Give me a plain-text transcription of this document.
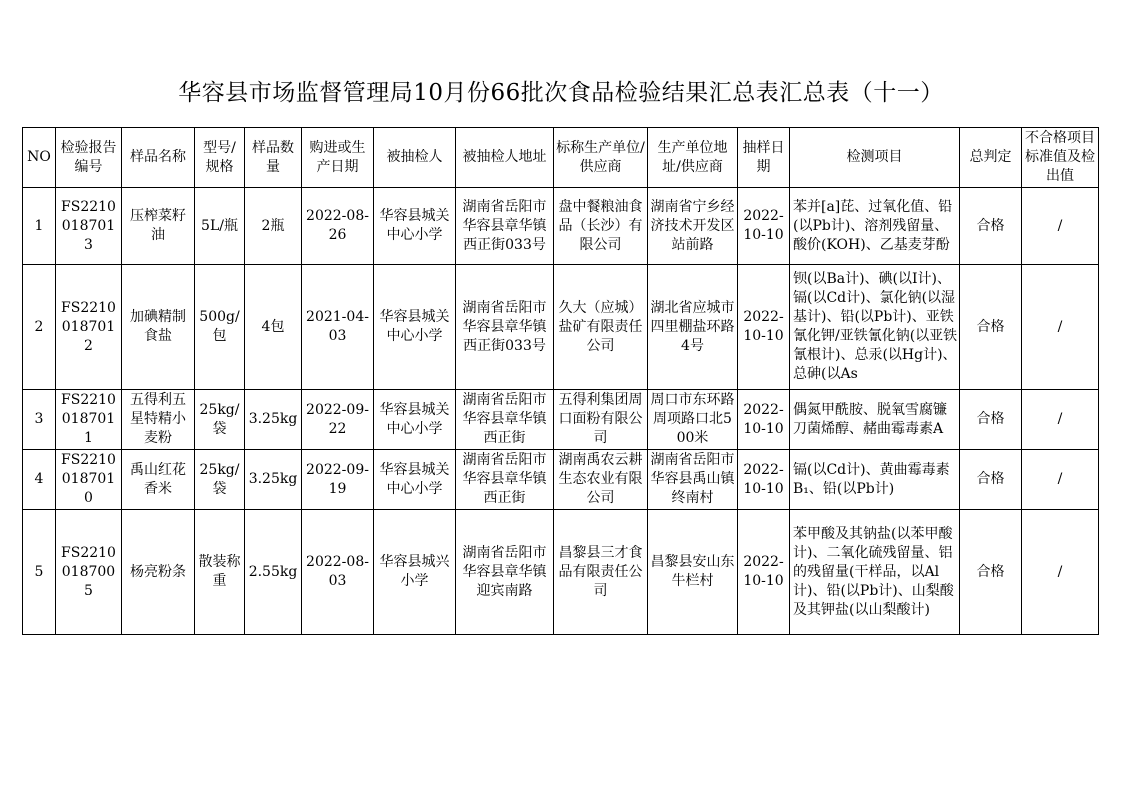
华容县市场监督管理局10月份66批次食品检验结果汇总表汇总表（十一）
NO	检验报告编号	样品名称	型号/规格	样品数量	购进或生产日期	被抽检人	被抽检人地址	标称生产单位/供应商	生产单位地址/供应商	抽样日期	检测项目	总判定	不合格项目标准值及检出值
1	FS22100187013	压榨菜籽油	5L/瓶	2瓶	2022-08-26	华容县城关中心小学	湖南省岳阳市华容县章华镇西正街033号	盘中餐粮油食品（长沙）有限公司	湖南省宁乡经济技术开发区站前路	2022-10-10	苯并[a]芘、过氧化值、铅(以Pb计)、溶剂残留量、酸价(KOH)、乙基麦芽酚	合格	/
2	FS22100187012	加碘精制食盐	500g/包	4包	2021-04-03	华容县城关中心小学	湖南省岳阳市华容县章华镇西正街033号	久大（应城）盐矿有限责任公司	湖北省应城市四里棚盐环路4号	2022-10-10	钡(以Ba计)、碘(以I计)、镉(以Cd计)、氯化钠(以湿基计)、铅(以Pb计)、亚铁氰化钾/亚铁氰化钠(以亚铁氰根计)、总汞(以Hg计)、总砷(以As	合格	/
3	FS22100187011	五得利五星特精小麦粉	25kg/袋	3.25kg	2022-09-22	华容县城关中心小学	湖南省岳阳市华容县章华镇西正街	五得利集团周口面粉有限公司	周口市东环路周项路口北500米	2022-10-10	偶氮甲酰胺、脱氧雪腐镰刀菌烯醇、赭曲霉毒素A	合格	/
4	FS22100187010	禹山红花香米	25kg/袋	3.25kg	2022-09-19	华容县城关中心小学	湖南省岳阳市华容县章华镇西正街	湖南禹农云耕生态农业有限公司	湖南省岳阳市华容县禹山镇终南村	2022-10-10	镉(以Cd计)、黄曲霉毒素B₁、铅(以Pb计)	合格	/
5	FS22100187005	杨亮粉条	散装称重	2.55kg	2022-08-03	华容县城兴小学	湖南省岳阳市华容县章华镇迎宾南路	昌黎县三才食品有限责任公司	昌黎县安山东牛栏村	2022-10-10	苯甲酸及其钠盐(以苯甲酸计)、二氧化硫残留量、铝的残留量(干样品，以Al计)、铅(以Pb计)、山梨酸及其钾盐(以山梨酸计)	合格	/
